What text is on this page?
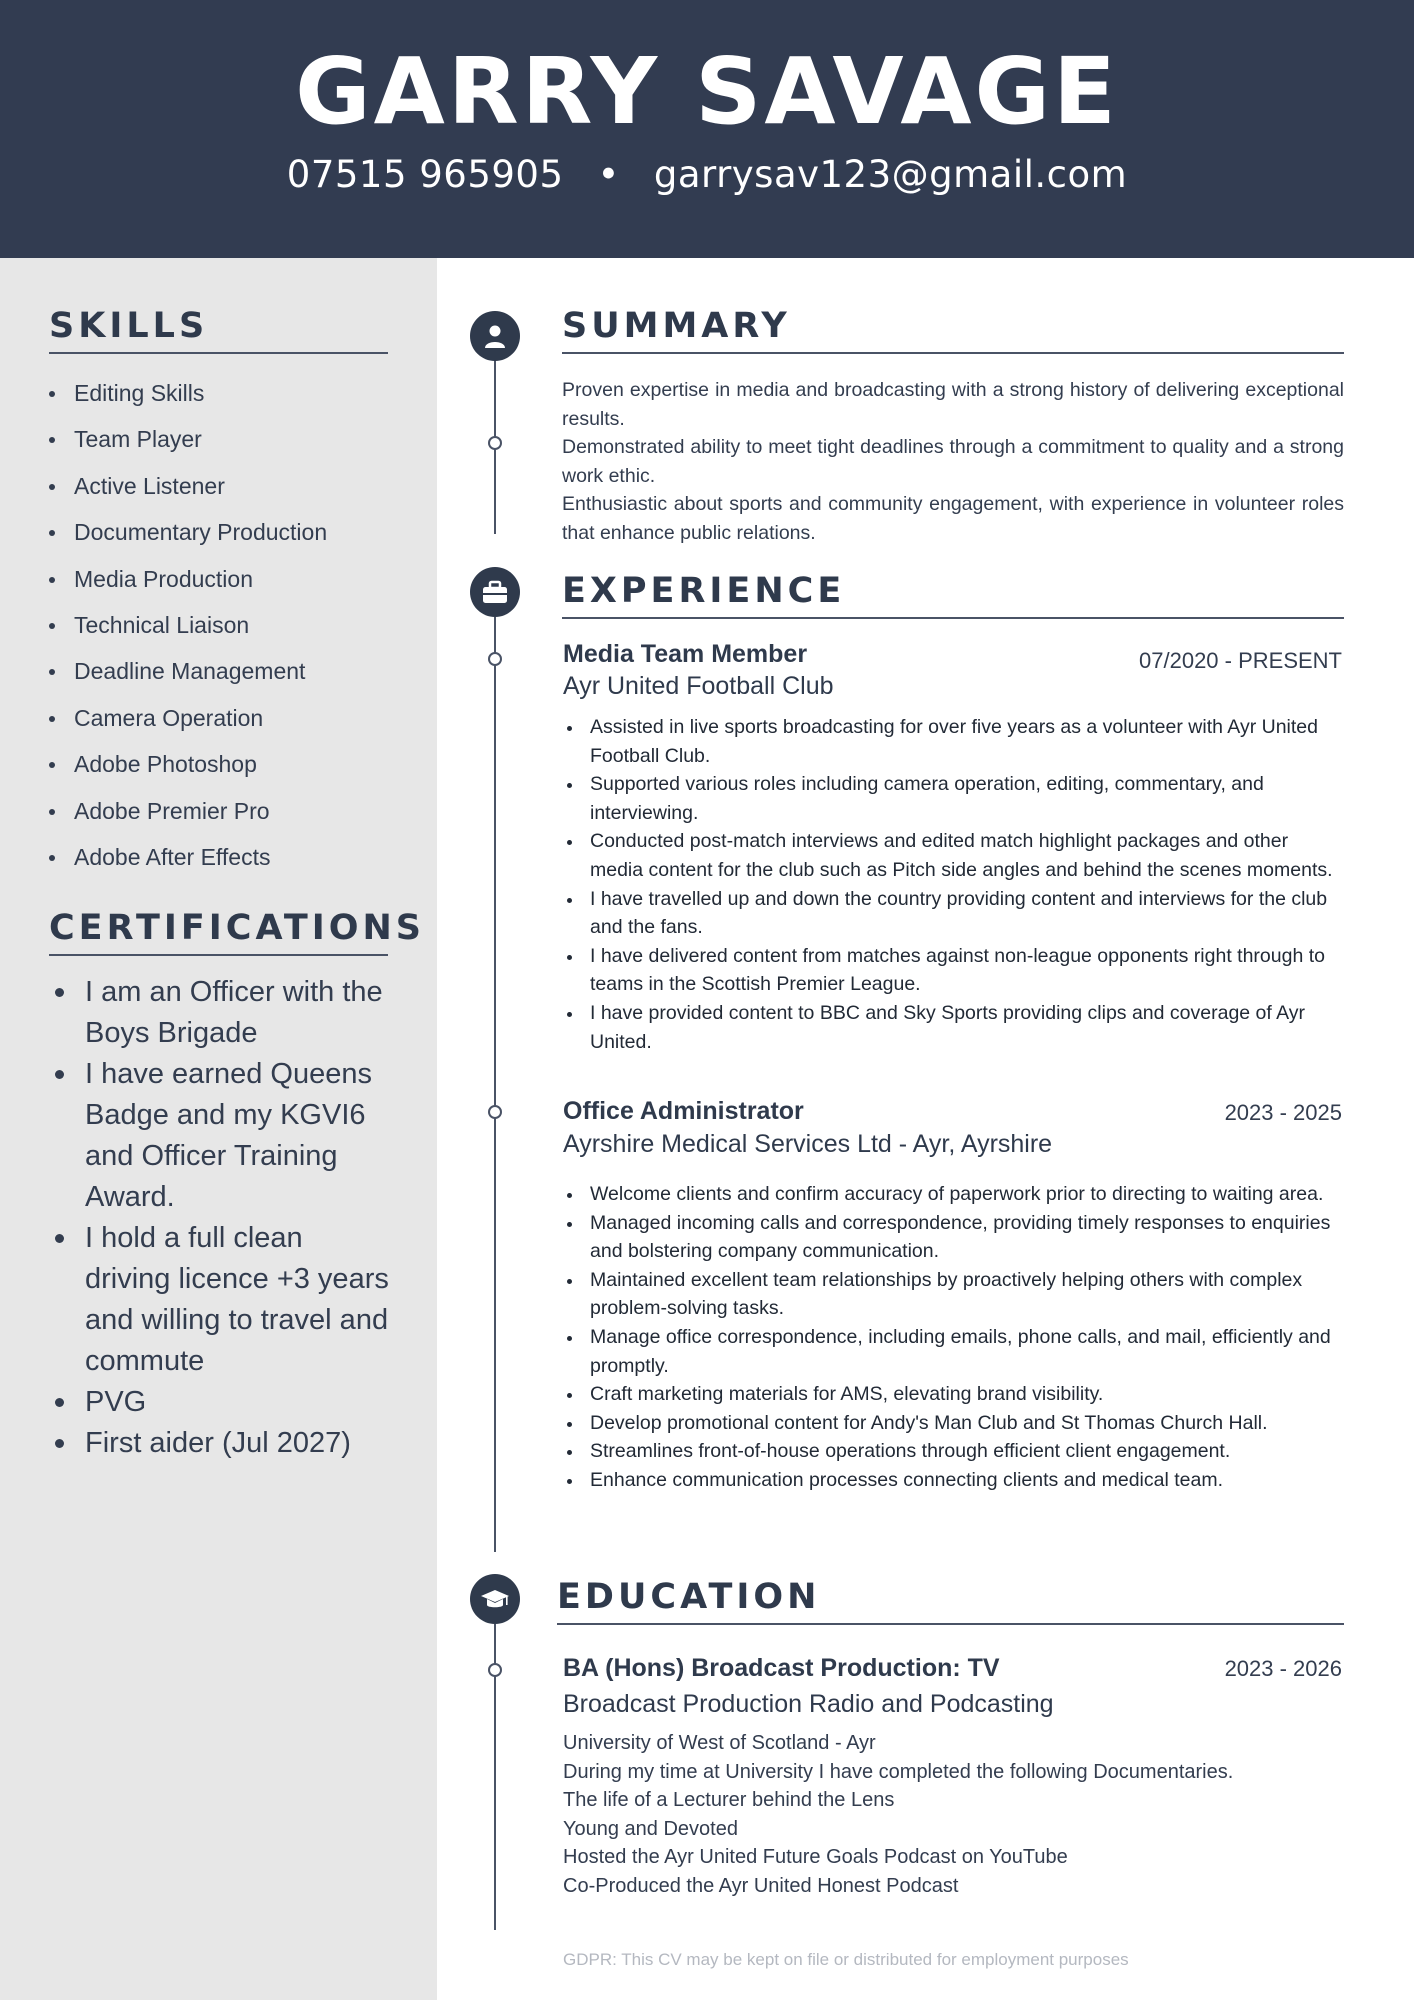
GARRY SAVAGE
07515 965905 • garrysav123@gmail.com
SKILLS
Editing Skills
Team Player
Active Listener
Documentary Production
Media Production
Technical Liaison
Deadline Management
Camera Operation
Adobe Photoshop
Adobe Premier Pro
Adobe After Effects
CERTIFICATIONS
I am an Officer with the Boys Brigade
I have earned Queens Badge and my KGVI6 and Officer Training Award.
I hold a full clean driving licence +3 years and willing to travel and commute
PVG
First aider (Jul 2027)
SUMMARY

Proven expertise in media and broadcasting with a strong history of delivering exceptional results.

Demonstrated ability to meet tight deadlines through a commitment to quality and a strong work ethic.

Enthusiastic about sports and community engagement, with experience in volunteer roles that enhance public relations.

EXPERIENCE
Media Team Member	07/2020 - PRESENT
Ayr United Football Club
Assisted in live sports broadcasting for over five years as a volunteer with Ayr United Football Club.
Supported various roles including camera operation, editing, commentary, and interviewing.
Conducted post-match interviews and edited match highlight packages and other media content for the club such as Pitch side angles and behind the scenes moments.
I have travelled up and down the country providing content and interviews for the club and the fans.
I have delivered content from matches against non-league opponents right through to teams in the Scottish Premier League.
I have provided content to BBC and Sky Sports providing clips and coverage of Ayr United.
Office Administrator	2023 - 2025
Ayrshire Medical Services Ltd - Ayr, Ayrshire
Welcome clients and confirm accuracy of paperwork prior to directing to waiting area.
Managed incoming calls and correspondence, providing timely responses to enquiries and bolstering company communication.
Maintained excellent team relationships by proactively helping others with complex problem-solving tasks.
Manage office correspondence, including emails, phone calls, and mail, efficiently and promptly.
Craft marketing materials for AMS, elevating brand visibility.
Develop promotional content for Andy's Man Club and St Thomas Church Hall.
Streamlines front-of-house operations through efficient client engagement.
Enhance communication processes connecting clients and medical team.
EDUCATION
BA (Hons) Broadcast Production: TV	2023 - 2026
Broadcast Production Radio and Podcasting
University of West of Scotland - Ayr
During my time at University I have completed the following Documentaries.
The life of a Lecturer behind the Lens
Young and Devoted
Hosted the Ayr United Future Goals Podcast on YouTube
Co-Produced the Ayr United Honest Podcast
GDPR: This CV may be kept on file or distributed for employment purposes
